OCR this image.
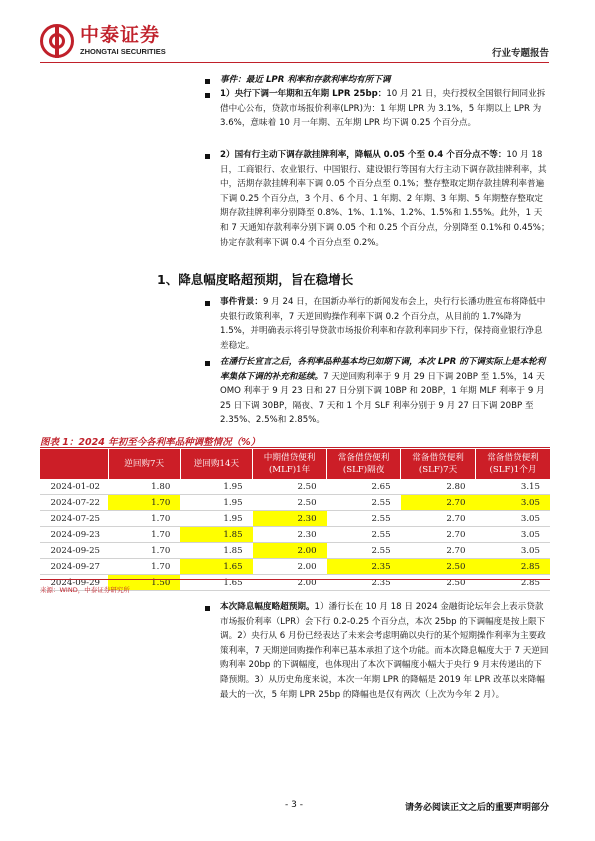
中泰证券
ZHONGTAI SECURITIES	行业专题报告
事件：最近 LPR 利率和存款利率均有所下调
1）央行下调一年期和五年期 LPR 25bp：10 月 21 日，央行授权全国银行间同业拆借中心公布，贷款市场报价利率(LPR)为：1 年期 LPR 为 3.1%，5 年期以上 LPR 为 3.6%，意味着 10 月一年期、五年期 LPR 均下调 0.25 个百分点。
2）国有行主动下调存款挂牌利率，降幅从 0.05 个至 0.4 个百分点不等：10 月 18 日，工商银行、农业银行、中国银行、建设银行等国有大行主动下调存款挂牌利率，其中，活期存款挂牌利率下调 0.05 个百分点至 0.1%；整存整取定期存款挂牌利率普遍下调 0.25 个百分点，3 个月、6 个月、1 年期、2 年期、3 年期、5 年期整存整取定期存款挂牌利率分别降至 0.8%、1%、1.1%、1.2%、1.5%和 1.55%。此外，1 天和 7 天通知存款利率分别下调 0.05 个和 0.25 个百分点，分别降至 0.1%和 0.45%；协定存款利率下调 0.4 个百分点至 0.2%。
1、降息幅度略超预期，旨在稳增长
事件背景：9 月 24 日，在国新办举行的新闻发布会上，央行行长潘功胜宣布将降低中央银行政策利率，7 天逆回购操作利率下调 0.2 个百分点，从目前的 1.7%降为 1.5%，并明确表示将引导贷款市场报价利率和存款利率同步下行，保持商业银行净息差稳定。
在潘行长宣言之后，各利率品种基本均已如期下调，本次 LPR 的下调实际上是本轮利率集体下调的补充和延续。7 天逆回购利率于 9 月 29 日下调 20BP 至 1.5%，14 天 OMO 利率于 9 月 23 日和 27 日分别下调 10BP 和 20BP，1 年期 MLF 利率于 9 月 25 日下调 30BP，隔夜、7 天和 1 个月 SLF 利率分别于 9 月 27 日下调 20BP 至 2.35%、2.5%和 2.85%。
图表 1：2024 年初至今各利率品种调整情况（%）
	逆回购7天	逆回购14天	中期借贷便利(MLF)1年	常备借贷便利(SLF)隔夜	常备借贷便利(SLF)7天	常备借贷便利(SLF)1个月
2024-01-02	1.80	1.95	2.50	2.65	2.80	3.15
2024-07-22	1.70	1.95	2.50	2.55	2.70	3.05
2024-07-25	1.70	1.95	2.30	2.55	2.70	3.05
2024-09-23	1.70	1.85	2.30	2.55	2.70	3.05
2024-09-25	1.70	1.85	2.00	2.55	2.70	3.05
2024-09-27	1.70	1.65	2.00	2.35	2.50	2.85
2024-09-29	1.50	1.65	2.00	2.35	2.50	2.85
来源：WIND，中泰证券研究所
本次降息幅度略超预期。1）潘行长在 10 月 18 日 2024 金融街论坛年会上表示贷款市场报价利率（LPR）会下行 0.2-0.25 个百分点，本次 25bp 的下调幅度是按上限下调。2）央行从 6 月份已经表达了未来会考虑明确以央行的某个短期操作利率为主要政策利率，7 天期逆回购操作利率已基本承担了这个功能。而本次降息幅度大于 7 天逆回购利率 20bp 的下调幅度，也体现出了本次下调幅度小幅大于央行 9 月末传递出的下降预期。3）从历史角度来说，本次一年期 LPR 的降幅是 2019 年 LPR 改革以来降幅最大的一次，5 年期 LPR 25bp 的降幅也是仅有两次（上次为今年 2 月）。
- 3 -	请务必阅读正文之后的重要声明部分
